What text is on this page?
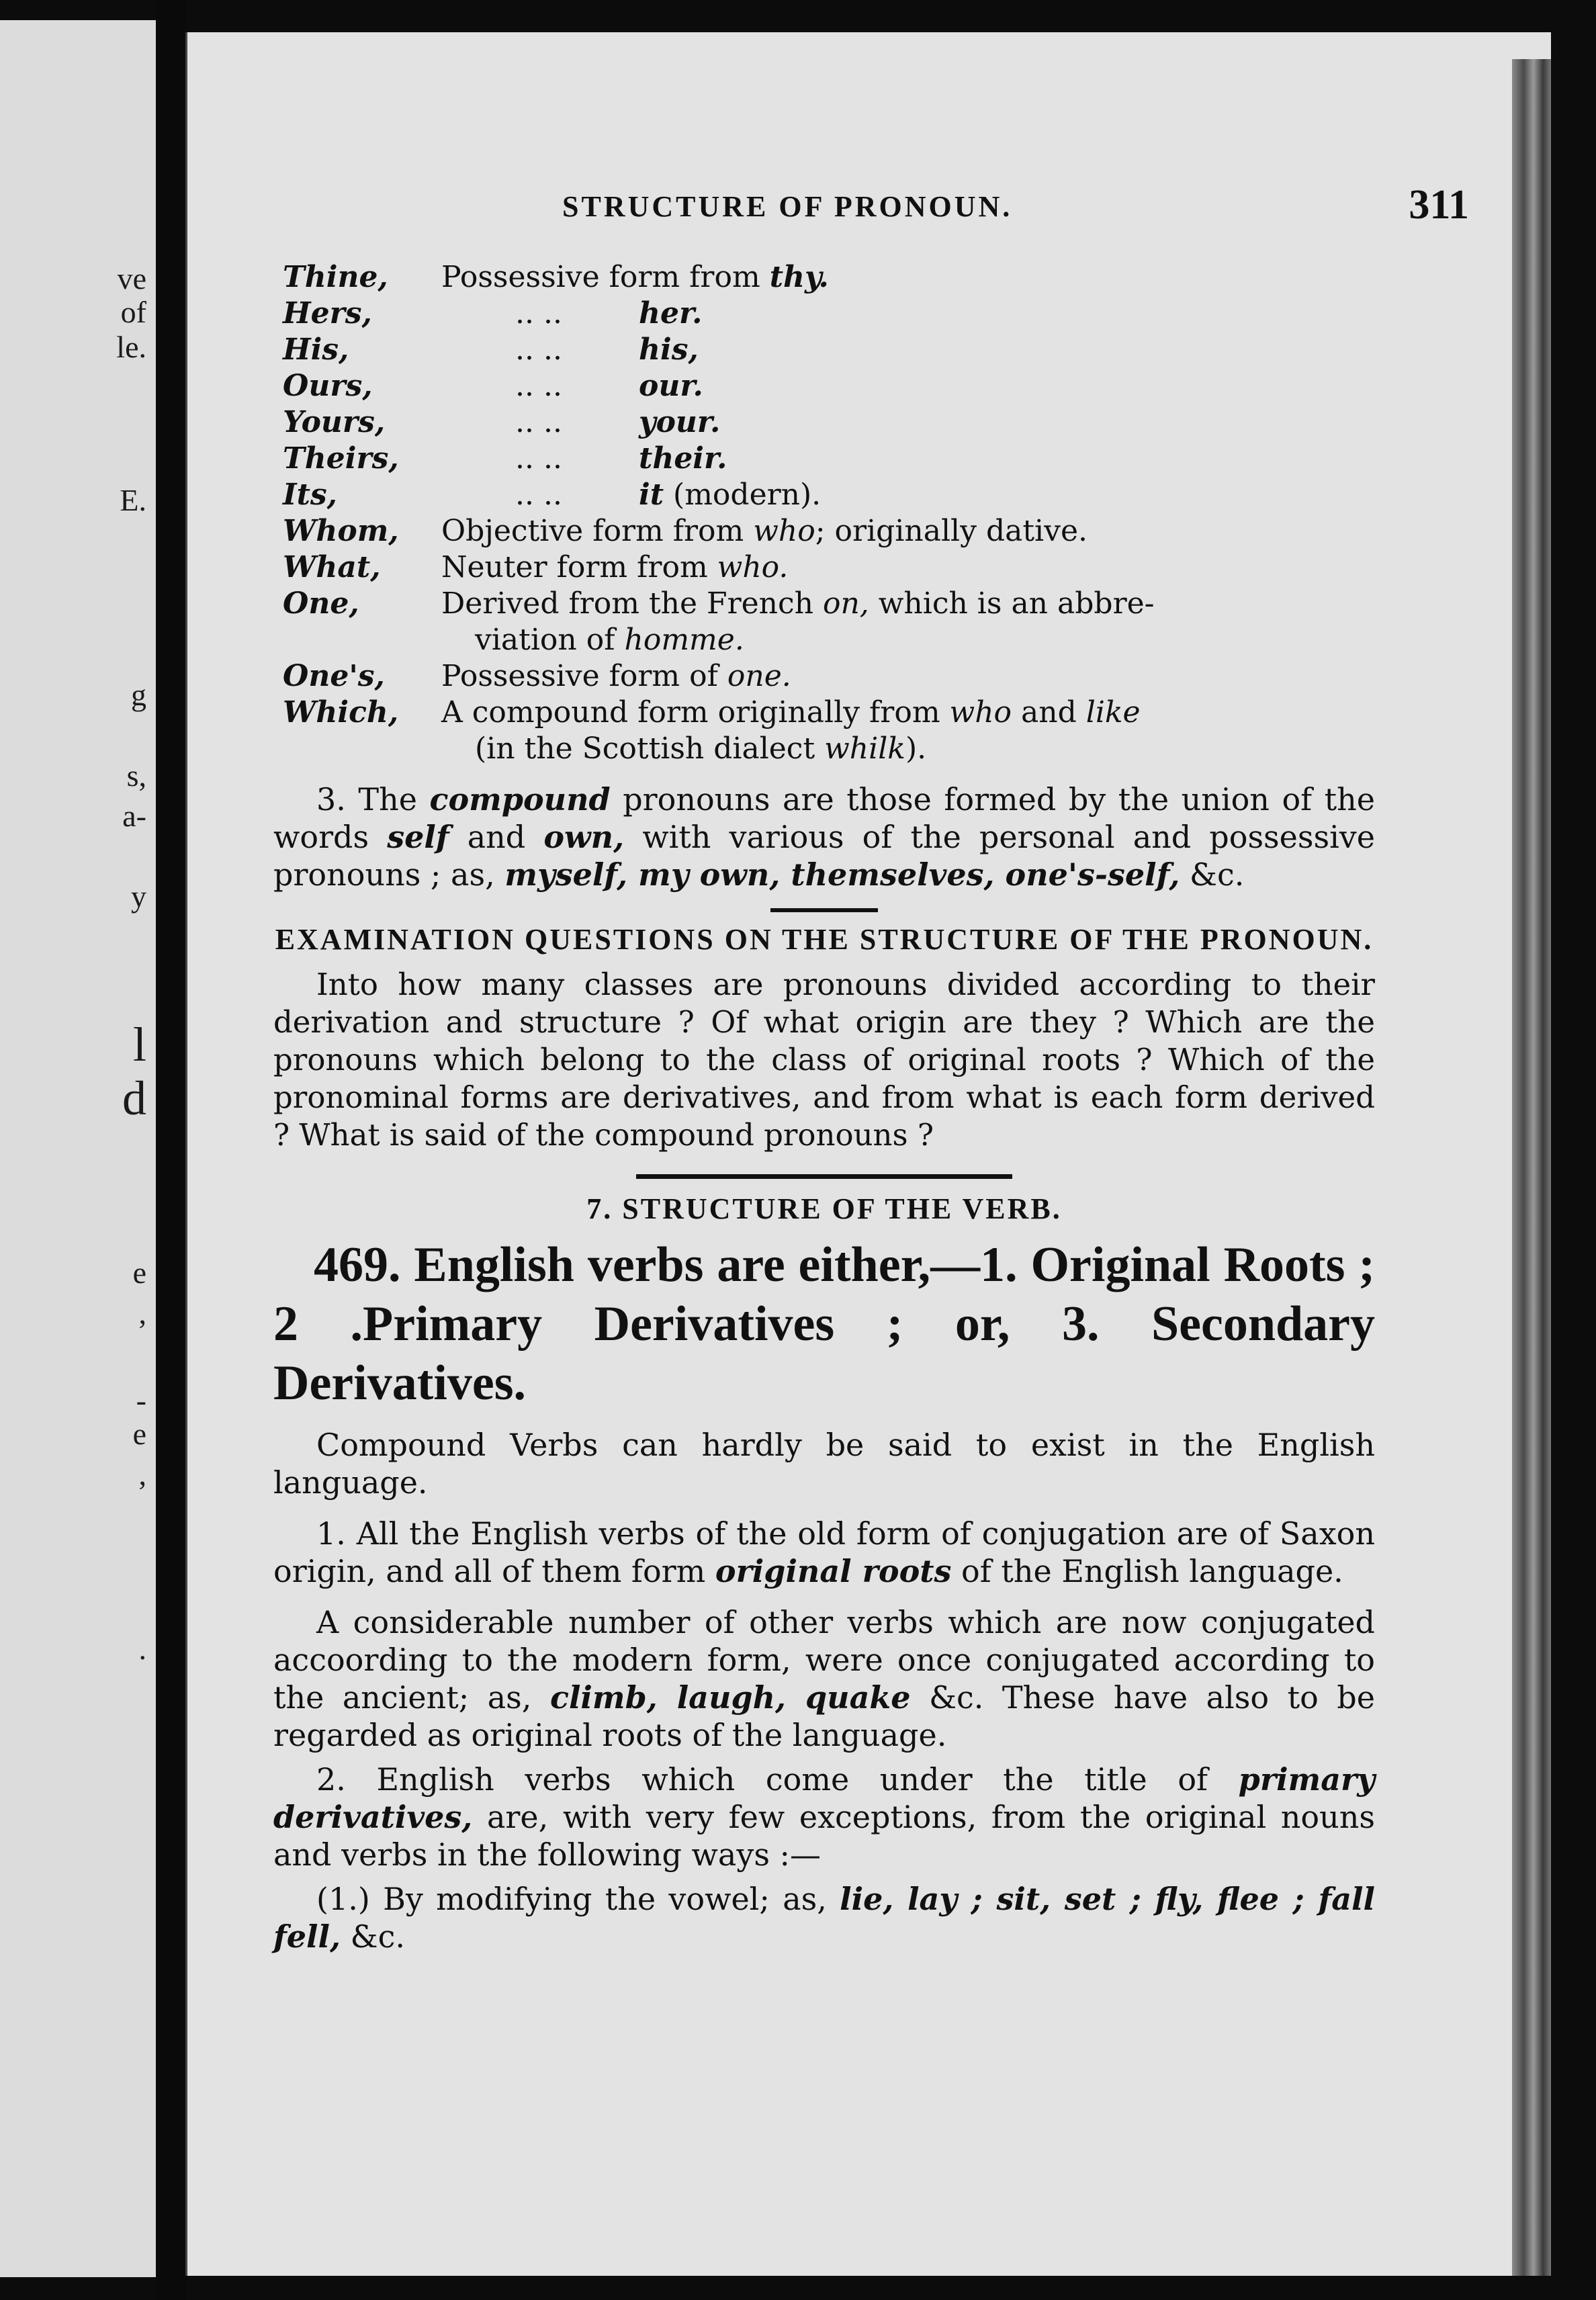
ve
of
le.
E.
g
s,
a-
y
l
d
e
,
-
e
,
.
STRUCTURE OF PRONOUN.	311
Thine,	Possessive form from thy.
Hers,	.. ..	her.
His,	.. ..	his,
Ours,	.. ..	our.
Yours,	.. ..	your.
Theirs,	.. ..	their.
Its,	.. ..	it (modern).
Whom,	Objective form from who; originally dative.
What,	Neuter form from who.
One,	Derived from the French on, which is an abbre-
viation of homme.
One's,	Possessive form of one.
Which,	A compound form originally from who and like
(in the Scottish dialect whilk).

3. The compound pronouns are those formed by the union of the words self and own, with various of the personal and possessive pronouns ; as, myself, my own, themselves, one's-self, &c.

EXAMINATION QUESTIONS ON THE STRUCTURE OF THE PRONOUN.

Into how many classes are pronouns divided according to their derivation and structure ? Of what origin are they ? Which are the pronouns which belong to the class of original roots ? Which of the pronominal forms are derivatives, and from what is each form derived ? What is said of the compound pronouns ?

7. STRUCTURE OF THE VERB.

469. English verbs are either,—1. Original Roots ; 2 .Primary Derivatives ; or, 3. Secondary Derivatives.

Compound Verbs can hardly be said to exist in the English language.

1. All the English verbs of the old form of conjugation are of Saxon origin, and all of them form original roots of the English language.

A considerable number of other verbs which are now conjugated accoording to the modern form, were once conjugated according to the ancient; as, climb, laugh, quake &c. These have also to be regarded as original roots of the language.

2. English verbs which come under the title of primary derivatives, are, with very few exceptions, from the original nouns and verbs in the following ways :—

(1.) By modifying the vowel; as, lie, lay ; sit, set ; fly, flee ; fall fell, &c.
